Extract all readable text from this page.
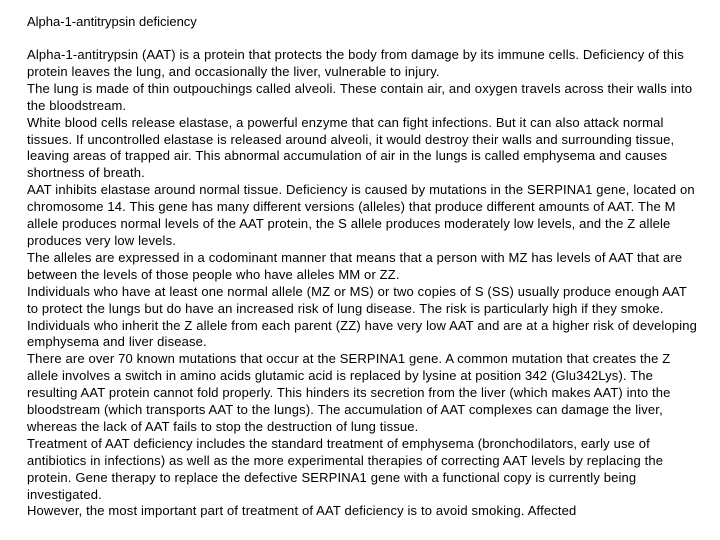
Alpha-1-antitrypsin deficiency

Alpha-1-antitrypsin (AAT) is a protein that protects the body from damage by its immune cells. Deficiency of this protein leaves the lung, and occasionally the liver, vulnerable to injury.

The lung is made of thin outpouchings called alveoli. These contain air, and oxygen travels across their walls into the bloodstream.

White blood cells release elastase, a powerful enzyme that can fight infections. But it can also attack normal tissues. If uncontrolled elastase is released around alveoli, it would destroy their walls and surrounding tissue, leaving areas of trapped air. This abnormal accumulation of air in the lungs is called emphysema and causes shortness of breath.

AAT inhibits elastase around normal tissue. Deficiency is caused by mutations in the SERPINA1 gene, located on chromosome 14. This gene has many different versions (alleles) that produce different amounts of AAT. The M allele produces normal levels of the AAT protein, the S allele produces moderately low levels, and the Z allele produces very low levels.

The alleles are expressed in a codominant manner that means that a person with MZ has levels of AAT that are between the levels of those people who have alleles MM or ZZ.

Individuals who have at least one normal allele (MZ or MS) or two copies of S (SS) usually produce enough AAT to protect the lungs but do have an increased risk of lung disease. The risk is particularly high if they smoke. Individuals who inherit the Z allele from each parent (ZZ) have very low AAT and are at a higher risk of developing emphysema and liver disease.

There are over 70 known mutations that occur at the SERPINA1 gene. A common mutation that creates the Z allele involves a switch in amino acids glutamic acid is replaced by lysine at position 342 (Glu342Lys). The resulting AAT protein cannot fold properly. This hinders its secretion from the liver (which makes AAT) into the bloodstream (which transports AAT to the lungs). The accumulation of AAT complexes can damage the liver, whereas the lack of AAT fails to stop the destruction of lung tissue.

Treatment of AAT deficiency includes the standard treatment of emphysema (bronchodilators, early use of antibiotics in infections) as well as the more experimental therapies of correcting AAT levels by replacing the protein. Gene therapy to replace the defective SERPINA1 gene with a functional copy is currently being investigated.

However, the most important part of treatment of AAT deficiency is to avoid smoking. Affected
